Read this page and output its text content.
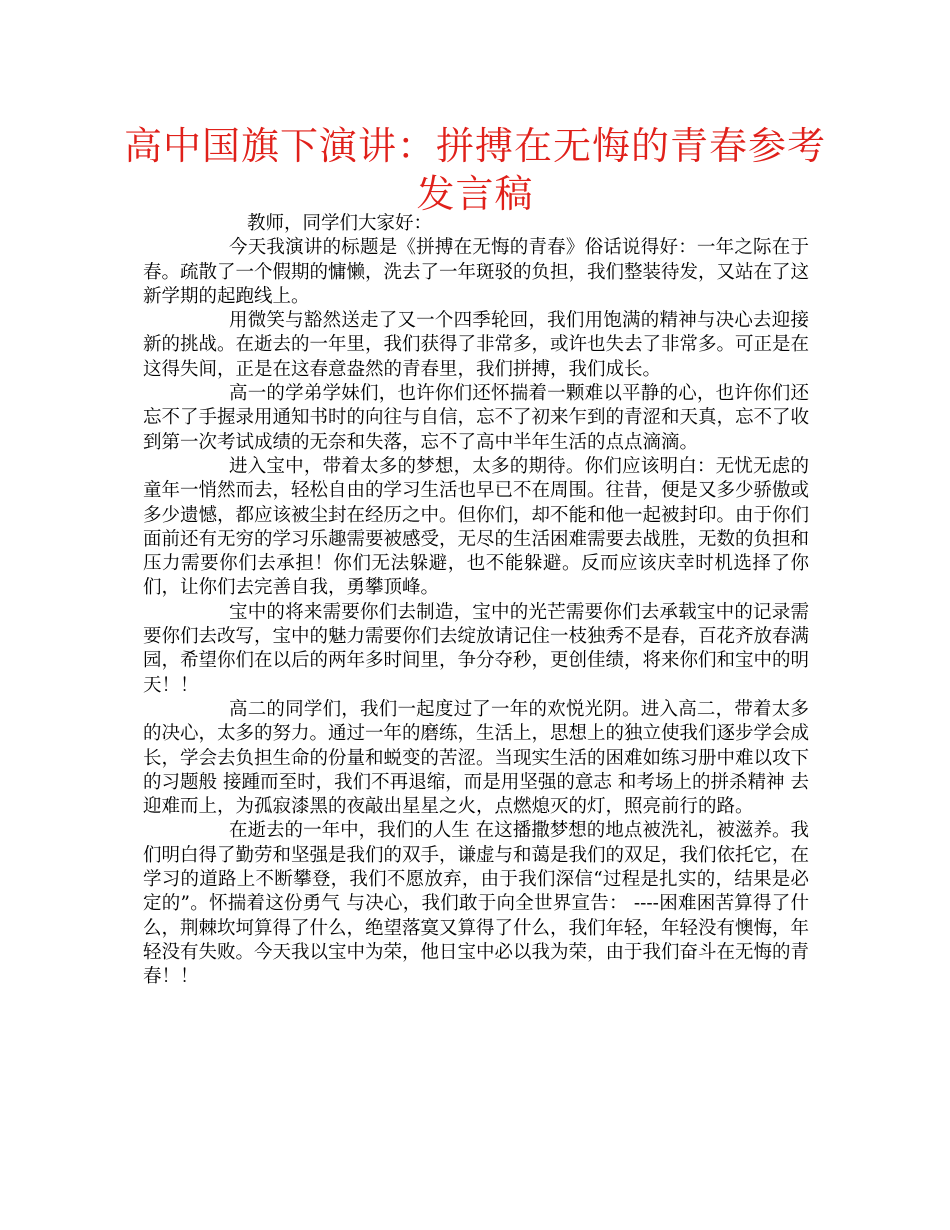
高中国旗下演讲：拼搏在无悔的青春参考发言稿

教师，同学们大家好：

今天我演讲的标题是《拼搏在无悔的青春》俗话说得好：一年之际在于春。疏散了一个假期的慵懒，洗去了一年斑驳的负担，我们整装待发，又站在了这新学期的起跑线上。

用微笑与豁然送走了又一个四季轮回，我们用饱满的精神与决心去迎接新的挑战。在逝去的一年里，我们获得了非常多，或许也失去了非常多。可正是在这得失间，正是在这春意盎然的青春里，我们拼搏，我们成长。

高一的学弟学妹们，也许你们还怀揣着一颗难以平静的心，也许你们还忘不了手握录用通知书时的向往与自信，忘不了初来乍到的青涩和天真，忘不了收到第一次考试成绩的无奈和失落，忘不了高中半年生活的点点滴滴。

进入宝中，带着太多的梦想，太多的期待。你们应该明白：无忧无虑的童年一悄然而去，轻松自由的学习生活也早已不在周围。往昔，便是又多少骄傲或多少遗憾，都应该被尘封在经历之中。但你们，却不能和他一起被封印。由于你们面前还有无穷的学习乐趣需要被感受，无尽的生活困难需要去战胜，无数的负担和压力需要你们去承担！你们无法躲避，也不能躲避。反而应该庆幸时机选择了你们，让你们去完善自我，勇攀顶峰。

宝中的将来需要你们去制造，宝中的光芒需要你们去承载宝中的记录需要你们去改写，宝中的魅力需要你们去绽放请记住一枝独秀不是春，百花齐放春满园，希望你们在以后的两年多时间里，争分夺秒，更创佳绩，将来你们和宝中的明天！！

高二的同学们，我们一起度过了一年的欢悦光阴。进入高二，带着太多的决心，太多的努力。通过一年的磨练，生活上，思想上的独立使我们逐步学会成长，学会去负担生命的份量和蜕变的苦涩。当现实生活的困难如练习册中难以攻下的习题般 接踵而至时，我们不再退缩，而是用坚强的意志 和考场上的拼杀精神 去迎难而上，为孤寂漆黑的夜敲出星星之火，点燃熄灭的灯，照亮前行的路。

在逝去的一年中，我们的人生 在这播撒梦想的地点被洗礼，被滋养。我们明白得了勤劳和坚强是我们的双手，谦虚与和蔼是我们的双足，我们依托它，在学习的道路上不断攀登，我们不愿放弃，由于我们深信“过程是扎实的，结果是必定的”。怀揣着这份勇气 与决心，我们敢于向全世界宣告： ----困难困苦算得了什么，荆棘坎坷算得了什么，绝望落寞又算得了什么，我们年轻，年轻没有懊悔，年轻没有失败。今天我以宝中为荣，他日宝中必以我为荣，由于我们奋斗在无悔的青春！！
